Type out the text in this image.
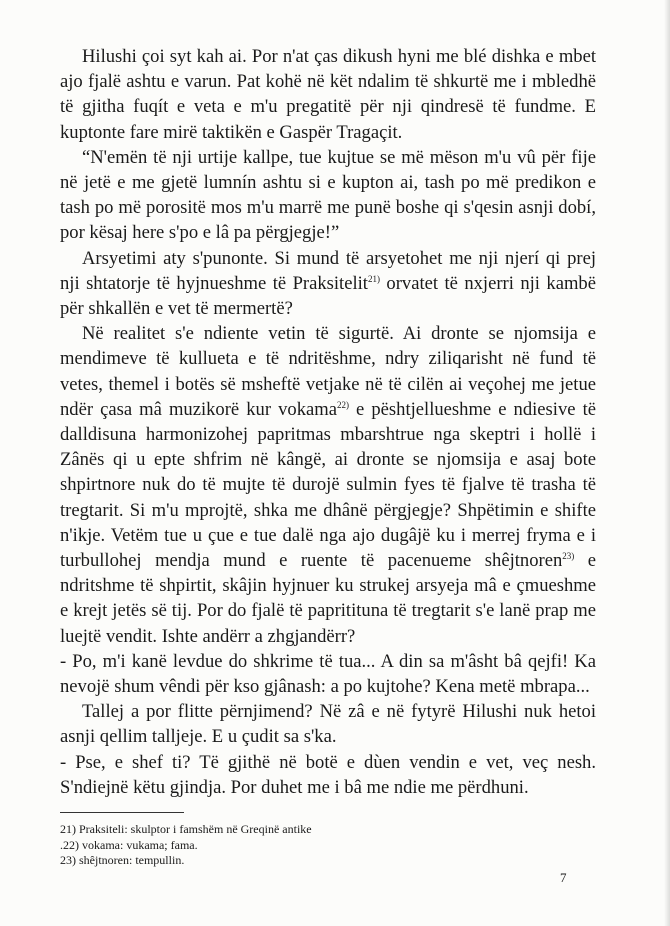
Hilushi çoi syt kah ai. Por n'at ças dikush hyni me blé dishka e mbet ajo fjalë ashtu e varun. Pat kohë në kët ndalim të shkurtë me i mbledhë të gjitha fuqít e veta e m'u pregatitë për nji qindresë të fundme. E kuptonte fare mirë taktikën e Gaspër Tragaçit.

“N'emën të nji urtije kallpe, tue kujtue se më mëson m'u vû për fije në jetë e me gjetë lumnín ashtu si e kupton ai, tash po më predikon e tash po më porositë mos m'u marrë me punë boshe qi s'qesin asnji dobí, por kësaj here s'po e lâ pa përgjegje!”

Arsyetimi aty s'punonte. Si mund të arsyetohet me nji njerí qi prej nji shtatorje të hyjnueshme të Praksitelit$^{21)}$ orvatet të nxjerri nji kambë për shkallën e vet të mermertë?

Në realitet s'e ndiente vetin të sigurtë. Ai dronte se njomsija e mendimeve të kullueta e të ndritëshme, ndry ziliqarisht në fund të vetes, themel i botës së msheftë vetjake në të cilën ai veçohej me jetue ndër çasa mâ muzikorë kur vokama$^{22)}$ e pështjellueshme e ndiesive të dalldisuna harmonizohej papritmas mbarshtrue nga skeptri i hollë i Zânës qi u epte shfrim në kângë, ai dronte se njomsija e asaj bote shpirtnore nuk do të mujte të durojë sulmin fyes të fjalve të trasha të tregtarit. Si m'u mprojtë, shka me dhânë përgjegje? Shpëtimin e shifte n'ikje. Vetëm tue u çue e tue dalë nga ajo dugâjë ku i merrej fryma e i turbullohej mendja mund e ruente të pacenueme shêjtnoren$^{23)}$ e ndritshme të shpirtit, skâjin hyjnuer ku strukej arsyeja mâ e çmueshme e krejt jetës së tij. Por do fjalë të papritituna të tregtarit s'e lanë prap me luejtë vendit. Ishte andërr a zhgjandërr?

- Po, m'i kanë levdue do shkrime të tua... A din sa m'âsht bâ qejfi! Ka nevojë shum vêndi për kso gjânash: a po kujtohe? Kena metë mbrapa...

Tallej a por flitte përnjimend? Në zâ e në fytyrë Hilushi nuk hetoi asnji qellim talljeje. E u çudit sa s'ka.

- Pse, e shef ti? Të gjithë në botë e dùen vendin e vet, veç nesh. S'ndiejnë këtu gjindja. Por duhet me i bâ me ndie me përdhuni.

21) Praksiteli: skulptor i famshëm në Greqinë antike
.22) vokama: vukama; fama.
23) shêjtnoren: tempullin.
7
